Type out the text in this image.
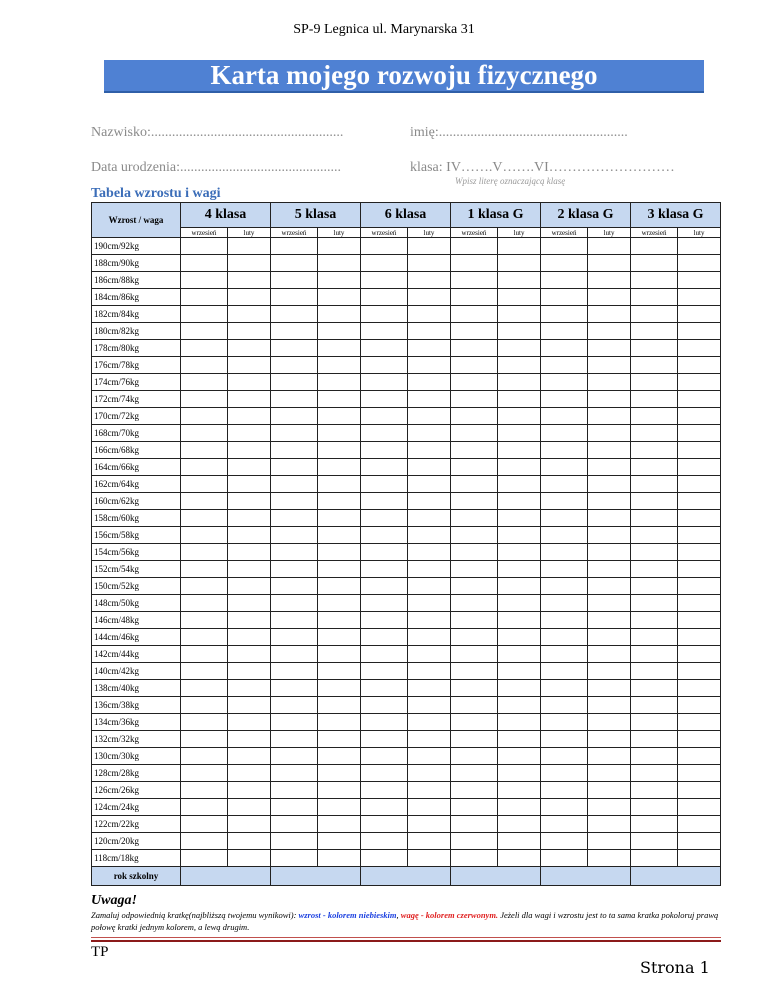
SP-9 Legnica ul. Marynarska 31
Karta mojego rozwoju fizycznego
Nazwisko:.......................................................	imię:......................................................
Data urodzenia:..............................................	klasa: IV…….V…….VI………………………
Wpisz literę oznaczającą klasę
Tabela wzrostu i wagi
Wzrost / waga	4 klasa		5 klasa		6 klasa		1 klasa G		2 klasa G		3 klasa G	
	wrzesień	luty	wrzesień	luty	wrzesień	luty	wrzesień	luty	wrzesień	luty	wrzesień	luty
190cm/92kg												
188cm/90kg												
186cm/88kg												
184cm/86kg												
182cm/84kg												
180cm/82kg												
178cm/80kg												
176cm/78kg												
174cm/76kg												
172cm/74kg												
170cm/72kg												
168cm/70kg												
166cm/68kg												
164cm/66kg												
162cm/64kg												
160cm/62kg												
158cm/60kg												
156cm/58kg												
154cm/56kg												
152cm/54kg												
150cm/52kg												
148cm/50kg												
146cm/48kg												
144cm/46kg												
142cm/44kg												
140cm/42kg												
138cm/40kg												
136cm/38kg												
134cm/36kg												
132cm/32kg												
130cm/30kg												
128cm/28kg												
126cm/26kg												
124cm/24kg												
122cm/22kg												
120cm/20kg												
118cm/18kg												
rok szkolny												
Uwaga!
Zamaluj odpowiednią kratkę(najbliższą twojemu wynikowi): wzrost - kolorem niebieskim, wagę - kolorem czerwonym. Jeżeli dla wagi i wzrostu jest to ta sama kratka pokoloruj prawą połowę kratki jednym kolorem, a lewą drugim.
TP
Strona 1
